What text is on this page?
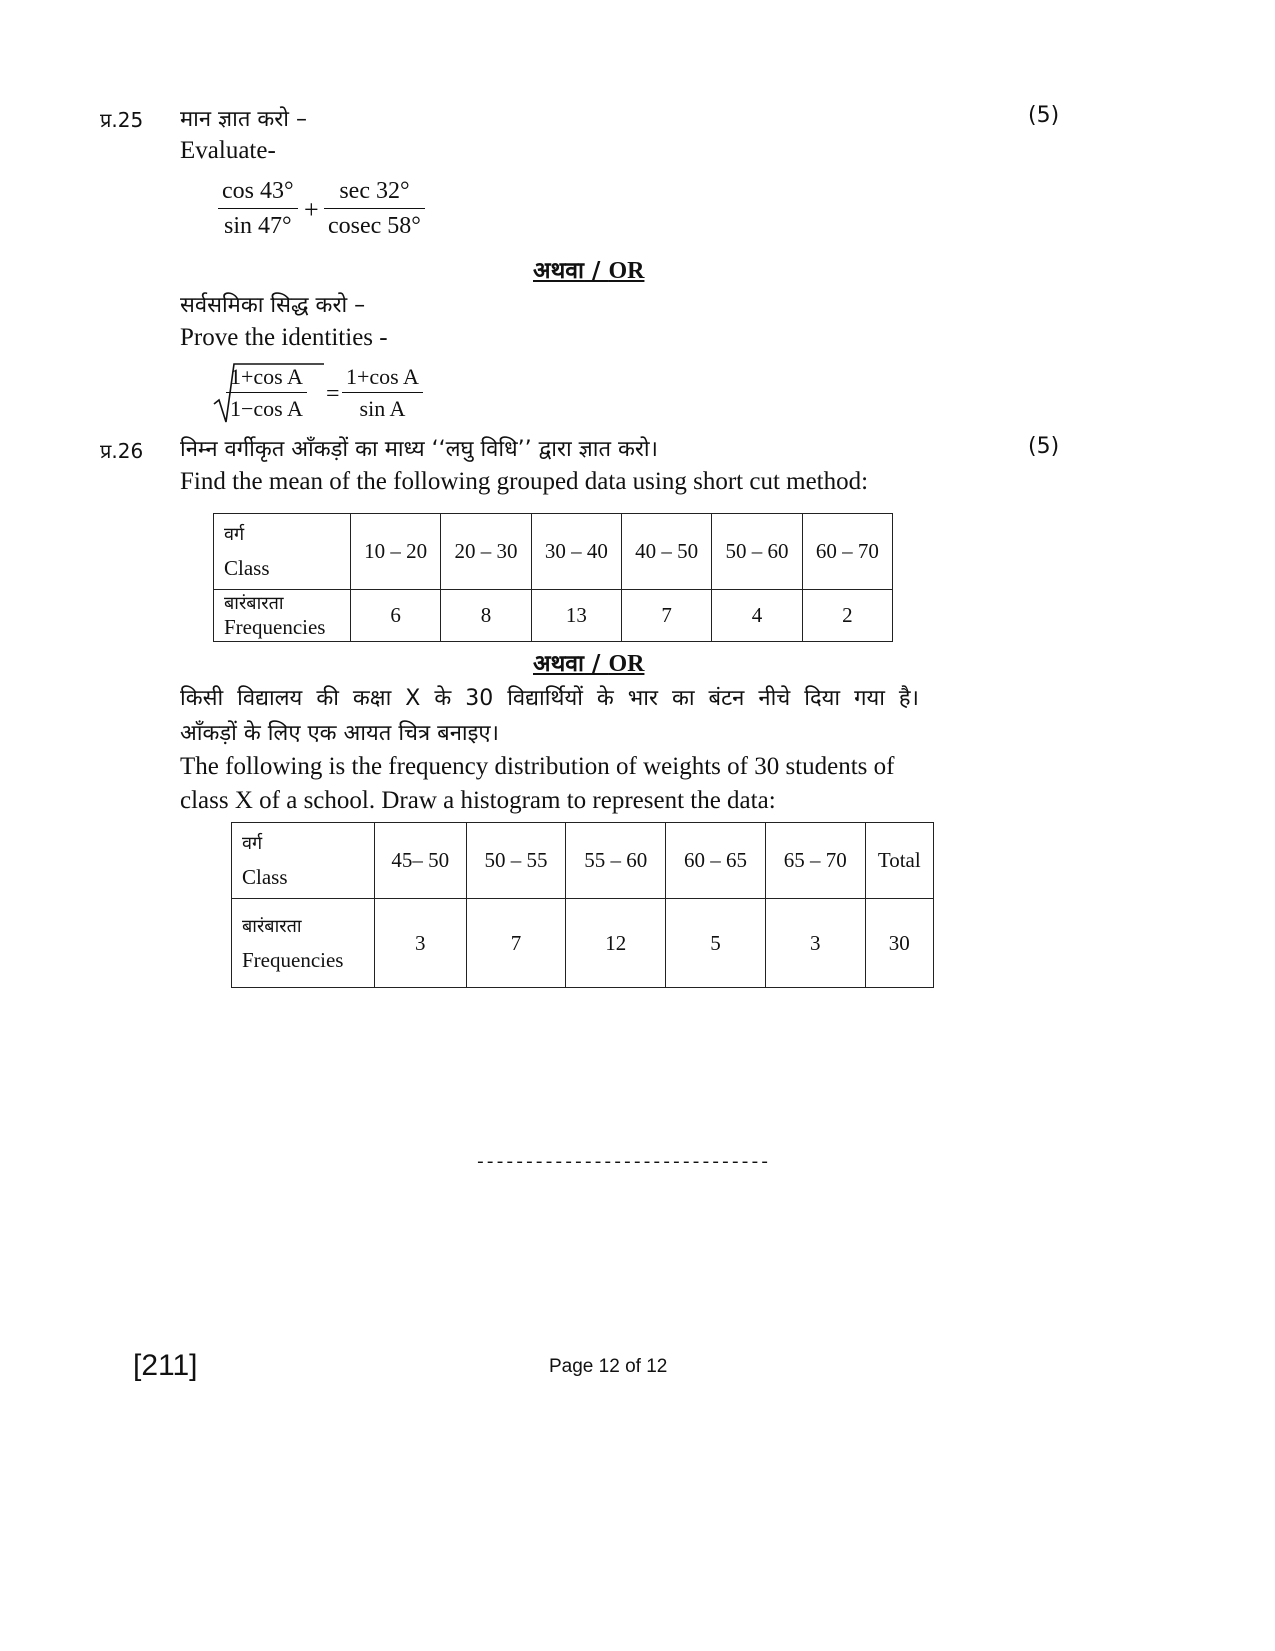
प्र.25 मान ज्ञात करो –	(5)
Evaluate-
$\frac{\cos 43^\circ}{\sin 47^\circ}$ +
sec 32°
cosec 58°
अथवा / OR
सर्वसमिका सिद्ध करो –
Prove the identities -
$\frac{\text{1+cos A}}{\text{1−cos A}} = \frac{\text{1+cos A}}{\text{sin A}}$
प्र.26 निम्न वर्गीकृत आँकड़ों का माध्य ‘‘लघु विधि’’ द्वारा ज्ञात करो।	(5)
Find the mean of the following grouped data using short cut method:
वर्ग
Class	10 – 20	20 – 30	30 – 40	40 – 50	50 – 60	60 – 70

बारंबारता
Frequencies	6	8	13	7	4	2
अथवा / OR
किसी विद्यालय की कक्षा X के 30 विद्यार्थियों के भार का बंटन नीचे दिया गया है।
आँकड़ों के लिए एक आयत चित्र बनाइए।
The following is the frequency distribution of weights of 30 students of
class X of a school. Draw a histogram to represent the data:
वर्ग
Class	45– 50	50 – 55	55 – 60	60 – 65	65 – 70	Total

बारंबारता
Frequencies	3	7	12	5	3	30
------------------------------
[211]	Page 12 of 12
